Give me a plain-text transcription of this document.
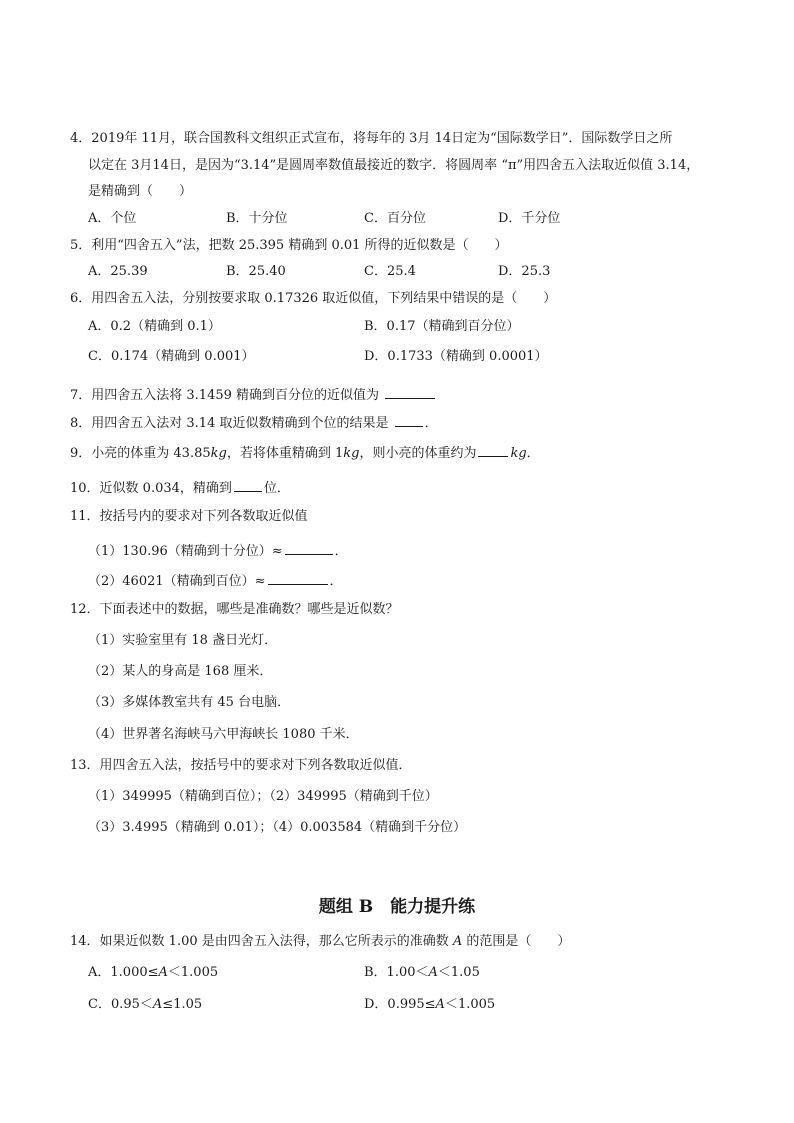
4．2019年 11月，联合国教科文组织正式宣布，将每年的 3月 14日定为“国际数学日”．国际数学日之所
以定在 3月14日，是因为“3.14”是圆周率数值最接近的数字．将圆周率 “π”用四舍五入法取近似值 3.14，
是精确到（　　）
A．个位	B．十分位	C．百分位	D．千分位
5．利用“四舍五入”法，把数 25.395 精确到 0.01 所得的近似数是（　　）
A．25.39	B．25.40	C．25.4	D．25.3
6．用四舍五入法，分别按要求取 0.17326 取近似值，下列结果中错误的是（　　）
A．0.2（精确到 0.1）	B．0.17（精确到百分位）
C．0.174（精确到 0.001）	D．0.1733（精确到 0.0001）
7．用四舍五入法将 3.1459 精确到百分位的近似值为
8．用四舍五入法对 3.14 取近似数精确到个位的结果是 ．
9．小亮的体重为 43.85kg，若将体重精确到 1kg，则小亮的体重约为	kg．
10．近似数 0.034，精确到 位．
11．按括号内的要求对下列各数取近似值
（1）130.96（精确到十分位）≈	．
（2）46021（精确到百位）≈	．
12．下面表述中的数据，哪些是准确数？哪些是近似数？
（1）实验室里有 18 盏日光灯．
（2）某人的身高是 168 厘米．
（3）多媒体教室共有 45 台电脑．
（4）世界著名海峡马六甲海峡长 1080 千米．
13．用四舍五入法，按括号中的要求对下列各数取近似值．
（1）349995（精确到百位）；（2）349995（精确到千位）
（3）3.4995（精确到 0.01）；（4）0.003584（精确到千分位）
题组 B　能力提升练
14．如果近似数 1.00 是由四舍五入法得，那么它所表示的准确数 A 的范围是（　　）
A．1.000≤A＜1.005	B．1.00＜A＜1.05
C．0.95＜A≤1.05	D．0.995≤A＜1.005
